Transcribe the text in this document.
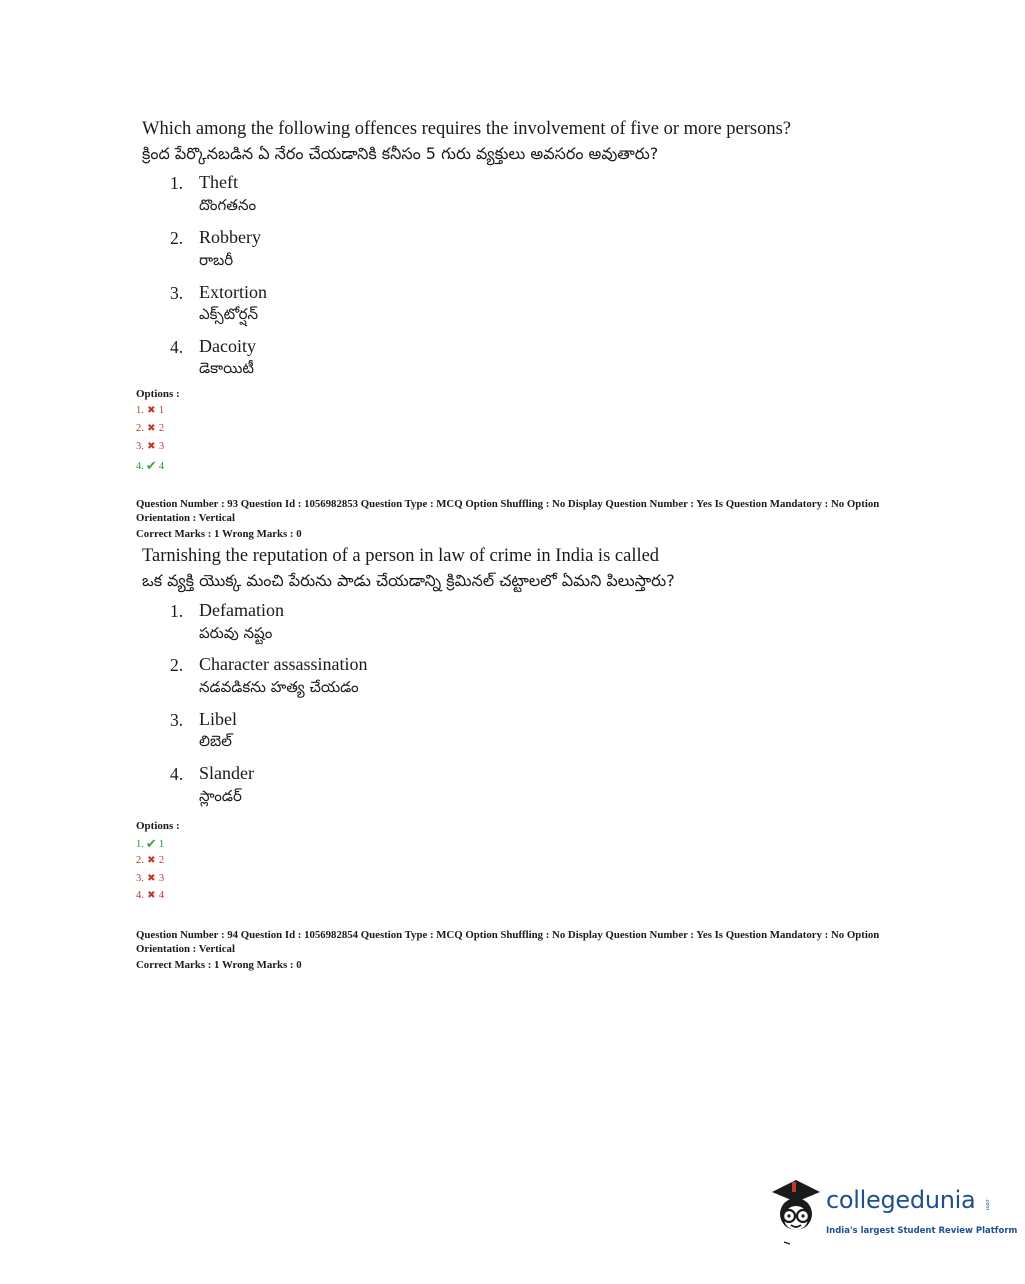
Which among the following offences requires the involvement of five or more persons?
క్రింద పేర్కొనబడిన ఏ నేరం చేయడానికి కనీసం 5 గురు వ్యక్తులు అవసరం అవుతారు?
1. Theft
దొంగతనం
2. Robbery
రాబరీ
3. Extortion
ఎక్స్‌టోర్షన్
4. Dacoity
డెకాయిటీ
Options :
1. ✖ 1
2. ✖ 2
3. ✖ 3
4. ✔ 4
Question Number : 93 Question Id : 1056982853 Question Type : MCQ Option Shuffling : No Display Question Number : Yes Is Question Mandatory : No Option Orientation : Vertical
Correct Marks : 1 Wrong Marks : 0
Tarnishing the reputation of a person in law of crime in India is called
ఒక వ్యక్తి యొక్క మంచి పేరును పాడు చేయడాన్ని క్రిమినల్ చట్టాలలో ఏమని పిలుస్తారు?
1. Defamation
పరువు నష్టం
2. Character assassination
నడవడికను హత్య చేయడం
3. Libel
లిబెల్
4. Slander
స్లాండర్
Options :
1. ✔ 1
2. ✖ 2
3. ✖ 3
4. ✖ 4
Question Number : 94 Question Id : 1056982854 Question Type : MCQ Option Shuffling : No Display Question Number : Yes Is Question Mandatory : No Option Orientation : Vertical
Correct Marks : 1 Wrong Marks : 0
collegedunia .com
India's largest Student Review Platform
